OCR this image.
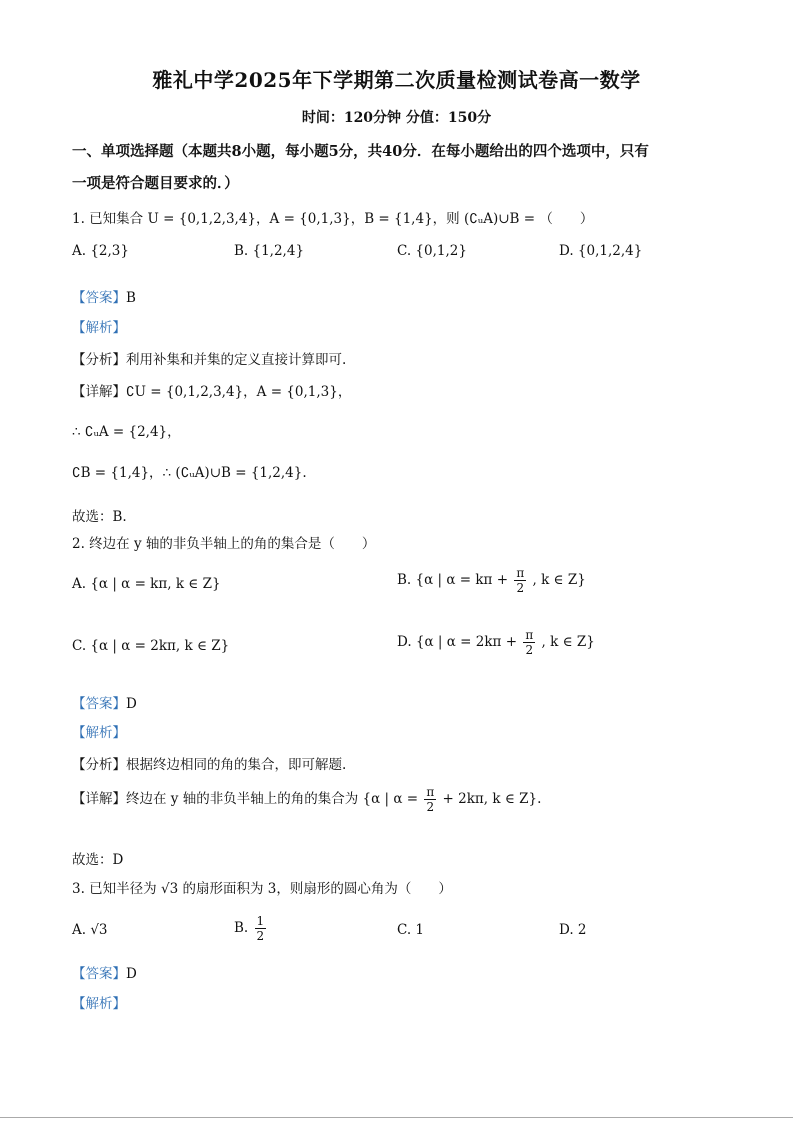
雅礼中学2025年下学期第二次质量检测试卷高一数学
时间：120分钟 分值：150分
一、单项选择题（本题共8小题，每小题5分，共40分．在每小题给出的四个选项中，只有
一项是符合题目要求的．）
1. 已知集合 U = {0,1,2,3,4}，A = {0,1,3}，B = {1,4}，则 (∁ᵤA)∪B = （　　）
A. {2,3}	B. {1,2,4}	C. {0,1,2}	D. {0,1,2,4}
【答案】B
【解析】
【分析】利用补集和并集的定义直接计算即可.
【详解】∁U = {0,1,2,3,4}，A = {0,1,3}，
∴ ∁ᵤA = {2,4}，
∁B = {1,4}，∴ (∁ᵤA)∪B = {1,2,4}.
故选：B.
2. 终边在 y 轴的非负半轴上的角的集合是（　　）
A. {α | α = kπ, k ∈ Z}	B. {α | $\alpha = k\pi + \frac{\pi}{2}$ , k ∈ Z}
C. {α | α = 2kπ, k ∈ Z}	D. {α | $\alpha = 2k\pi + \frac{\pi}{2}$ , k ∈ Z}
【答案】D
【解析】
【分析】根据终边相同的角的集合，即可解题.
【详解】终边在 y 轴的非负半轴上的角的集合为 {α | $\alpha = \frac{\pi}{2} + 2k\pi$, k ∈ Z}.
故选：D
3. 已知半径为 √3 的扇形面积为 3，则扇形的圆心角为（　　）
A. √3	B. $\frac{1}{2}$	C. 1	D. 2
【答案】D
【解析】
